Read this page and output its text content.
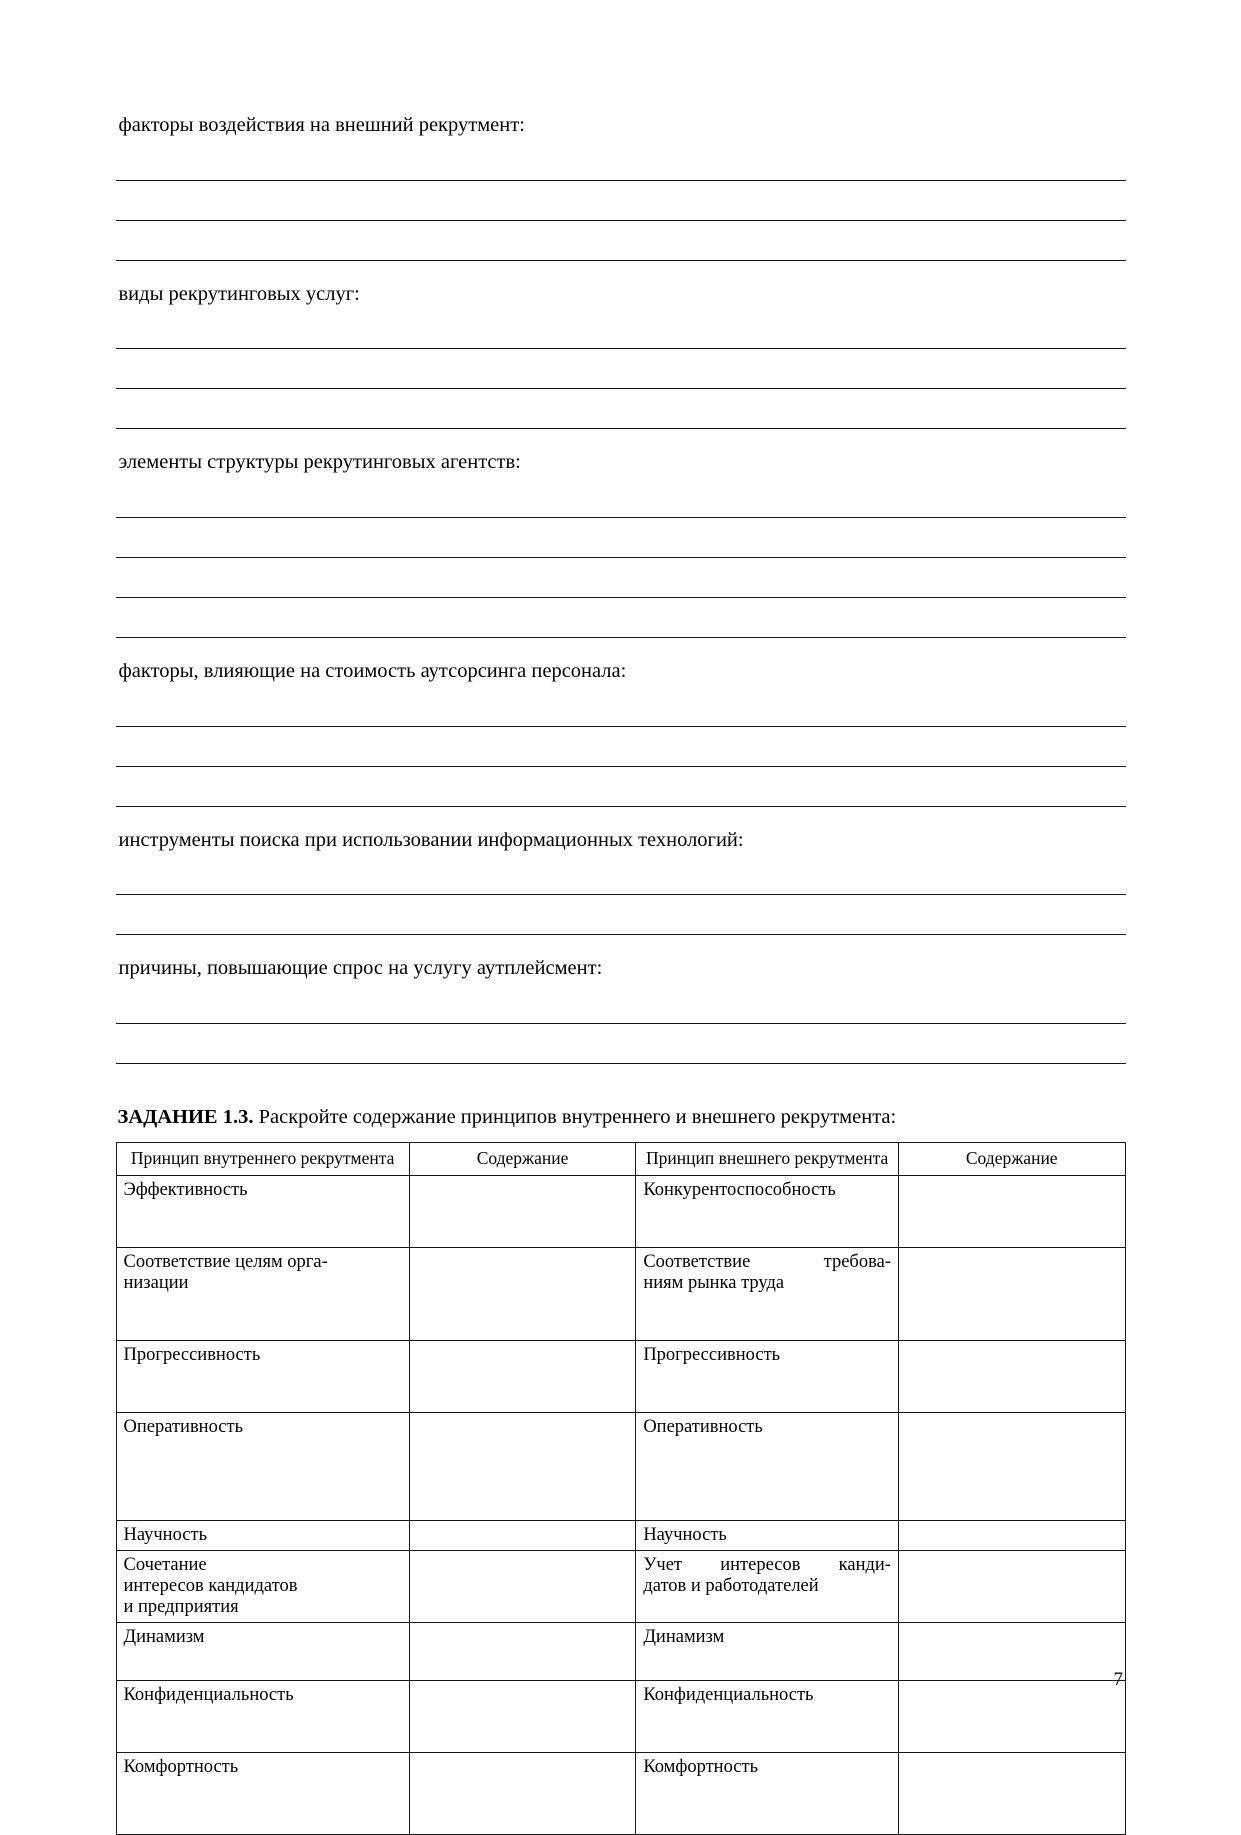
факторы воздействия на внешний рекрутмент:
виды рекрутинговых услуг:
элементы структуры рекрутинговых агентств:
факторы, влияющие на стоимость аутсорсинга персонала:
инструменты поиска при использовании информационных технологий:
причины, повышающие спрос на услугу аутплейсмент:
ЗАДАНИЕ 1.3. Раскройте содержание принципов внутреннего и внешнего рекрутмента:
Принцип внутреннего рекрутмента	Содержание	Принцип внешнего рекрутмента	Содержание

Эффективность		Конкурентоспособность	

Соответствие целям орга-
низации		Соответствие требова-
ниям рынка труда	

Прогрессивность		Прогрессивность	

Оперативность		Оперативность	

Научность		Научность	

Сочетание
интересов кандидатов
и предприятия		Учет интересов канди-
датов и работодателей	

Динамизм		Динамизм	

Конфиденциальность		Конфиденциальность	

Комфортность		Комфортность	

7
